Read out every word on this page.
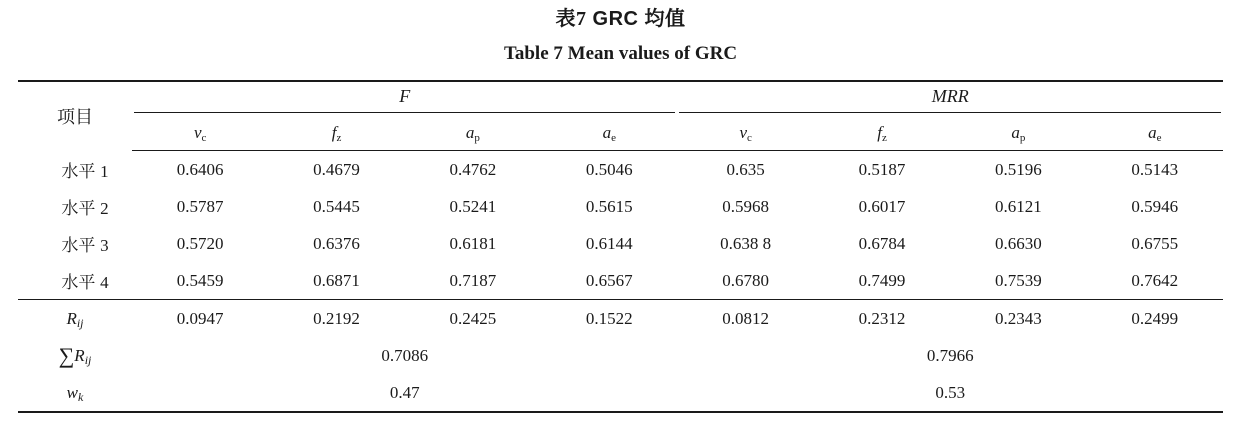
表7 GRC 均值
Table 7 Mean values of GRC
项目	F				MRR			

	$v_c$	$f_z$	$a_p$	$a_e$	$v_c$	$f_z$	$a_p$	$a_e$
水平 1	0.6406	0.4679	0.4762	0.5046	0.635	0.5187	0.5196	0.5143
水平 2	0.5787	0.5445	0.5241	0.5615	0.5968	0.6017	0.6121	0.5946
水平 3	0.5720	0.6376	0.6181	0.6144	0.638 8	0.6784	0.6630	0.6755
水平 4	0.5459	0.6871	0.7187	0.6567	0.6780	0.7499	0.7539	0.7642
$R_{ij}$	0.0947	0.2192	0.2425	0.1522	0.0812	0.2312	0.2343	0.2499
$\sum R_{ij}$	0.7086				0.7966			
$w_k$	0.47				0.53			
